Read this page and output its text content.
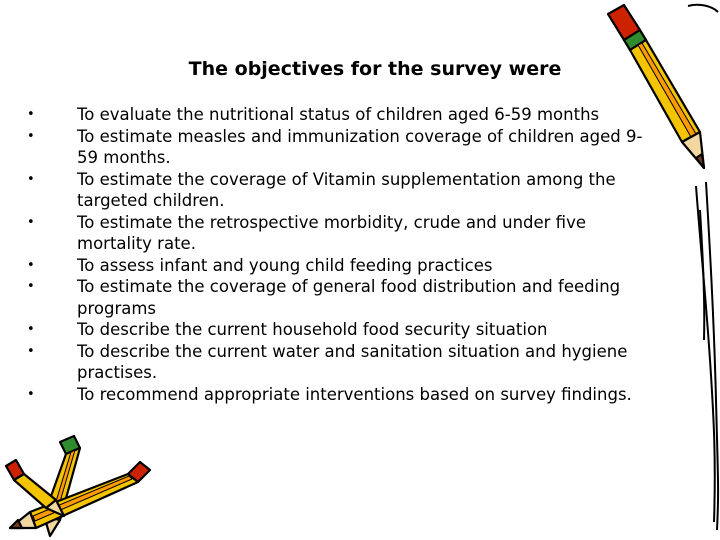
The objectives for the survey were
•	To evaluate the nutritional status of children aged 6-59 months
•	To estimate measles and immunization coverage of children aged 9-59 months.
•	To estimate the coverage of Vitamin supplementation among the targeted children.
•	To estimate the retrospective morbidity, crude and under five mortality rate.
•	To assess infant and young child feeding practices
•	To estimate the coverage of general food distribution and feeding programs
•	To describe the current household food security situation
•	To describe the current water and sanitation situation and hygiene practises.
•	To recommend appropriate interventions based on survey findings.
